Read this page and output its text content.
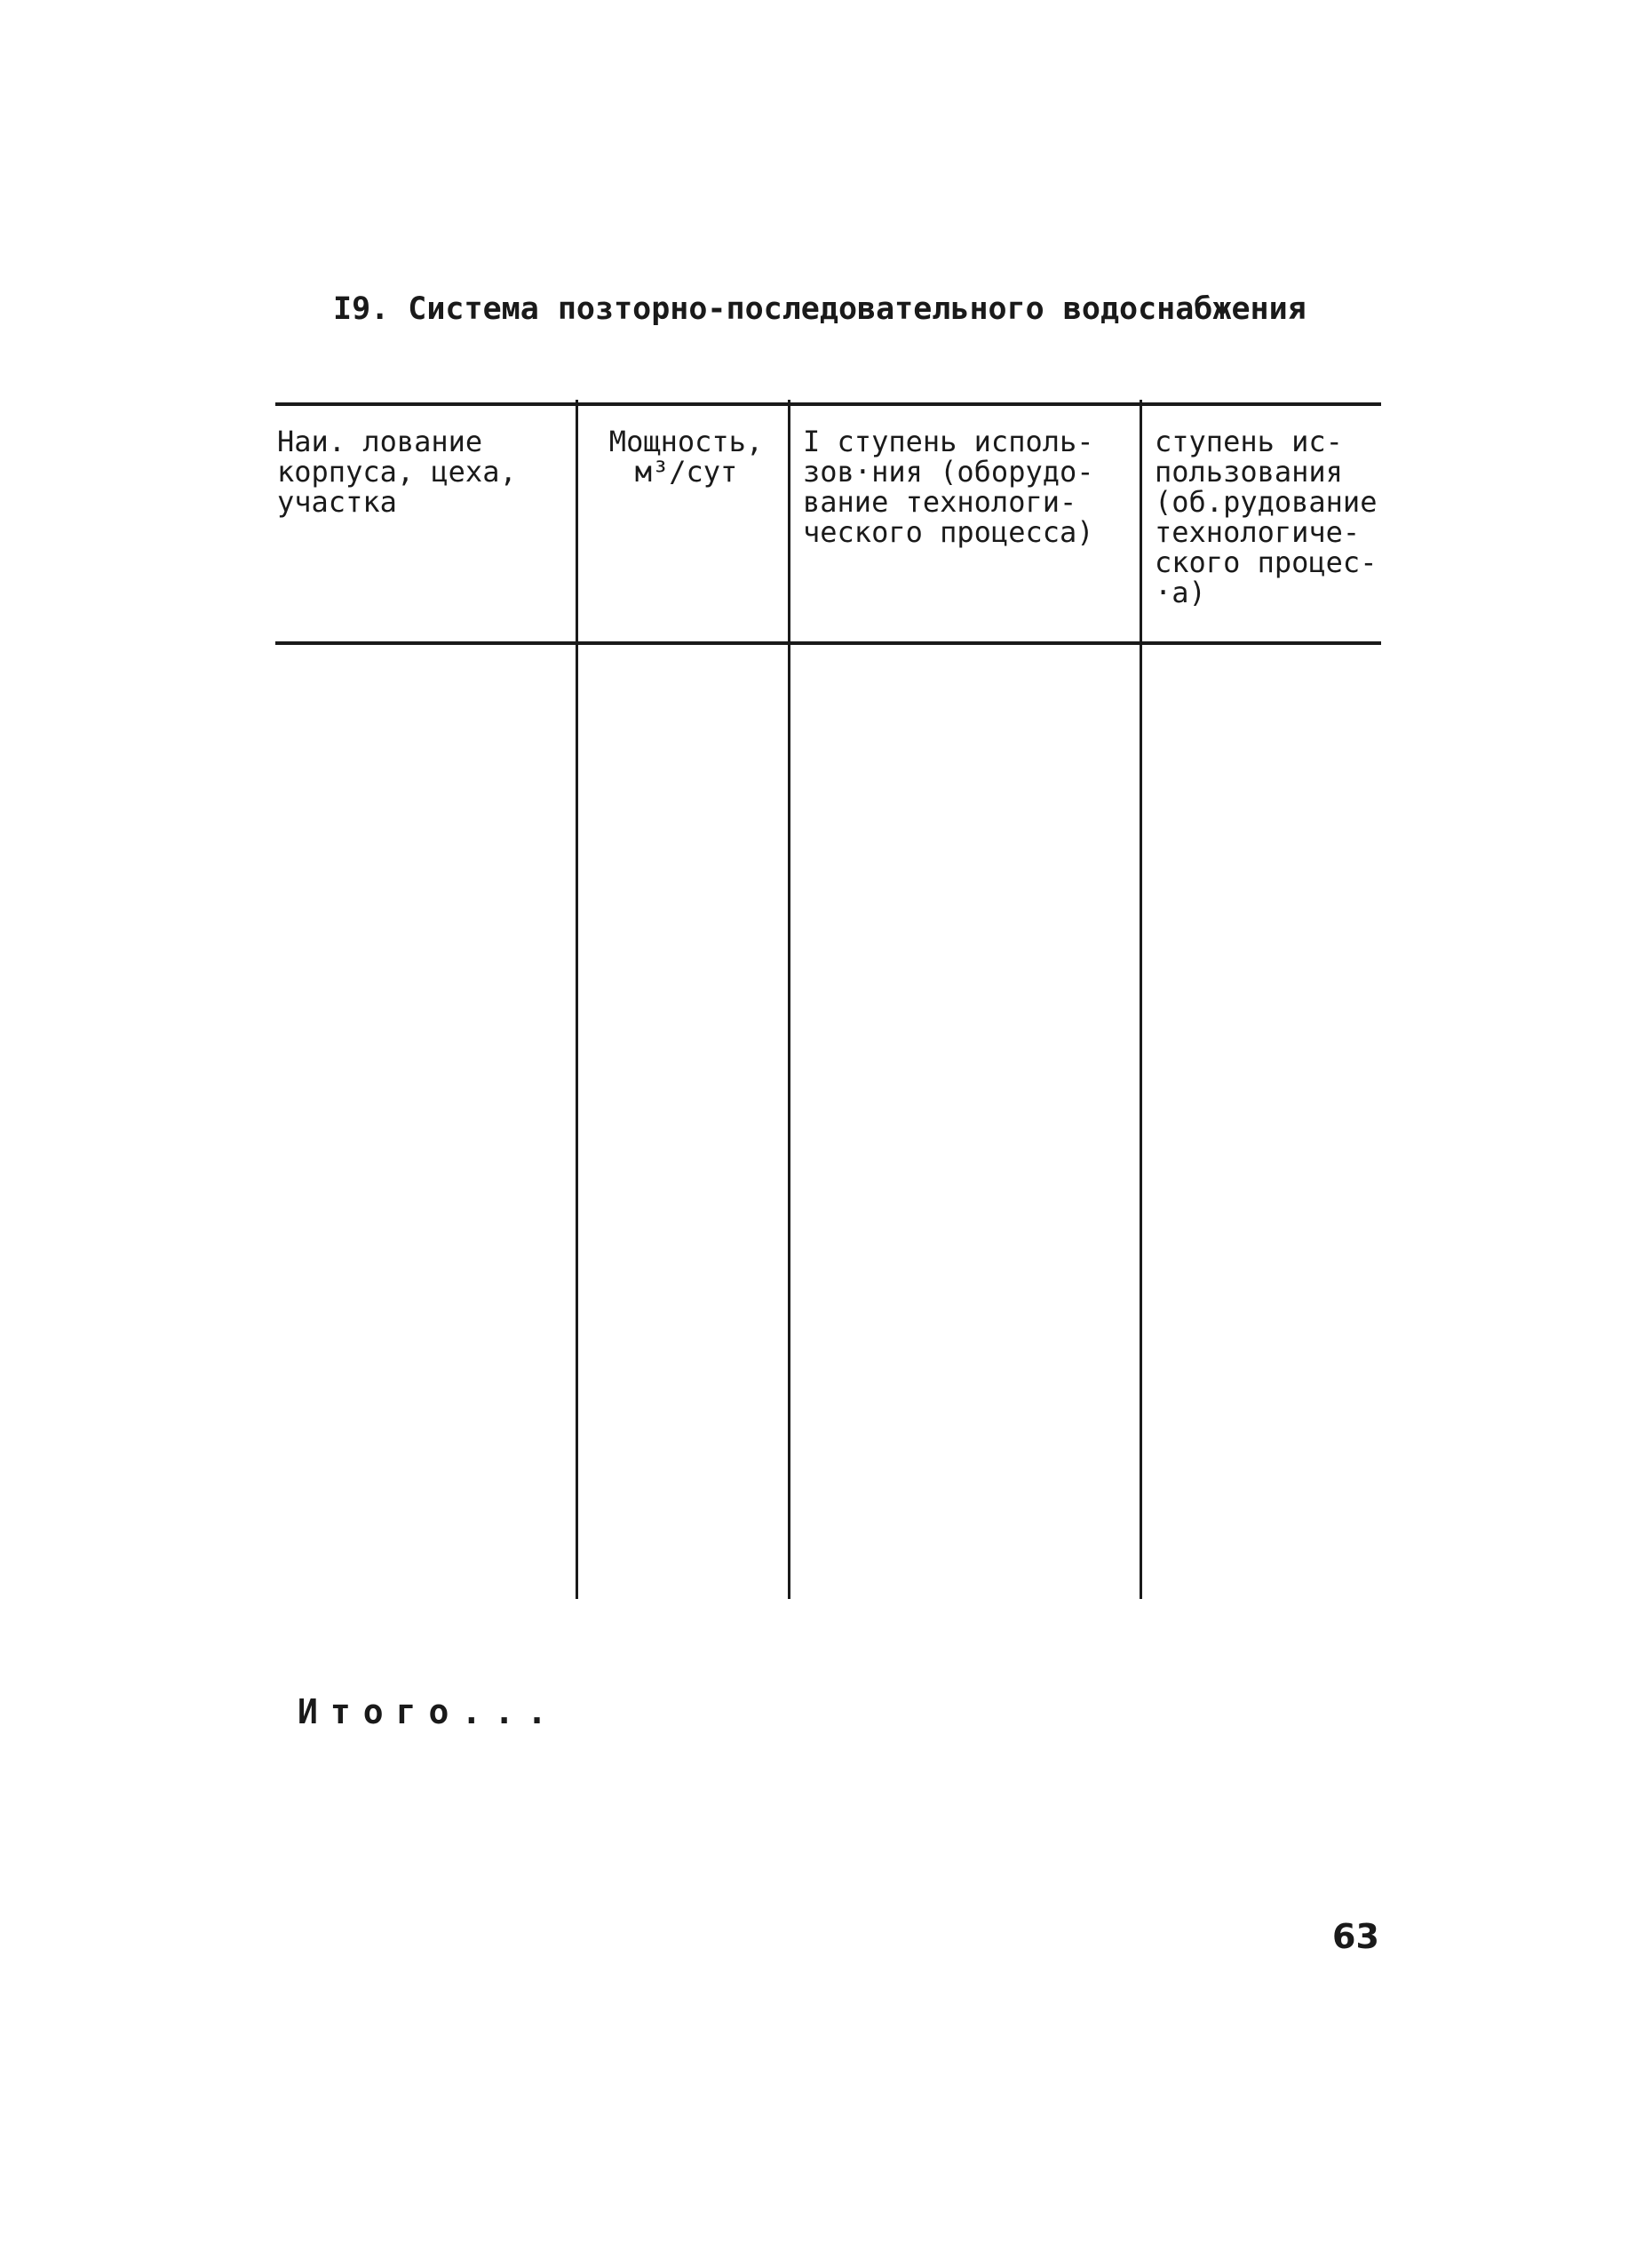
I9. Система позторно-последовательного водоснабжения
Наи. лование
корпуса, цеха,
участка
Мощность,
м³/сут
I ступень исполь-
зов·ния (оборудо-
вание технологи-
ческого процесса)
ступень ис-
пользования
(об.рудование
технологиче-
ского процес-
·а)
Итого...
63
